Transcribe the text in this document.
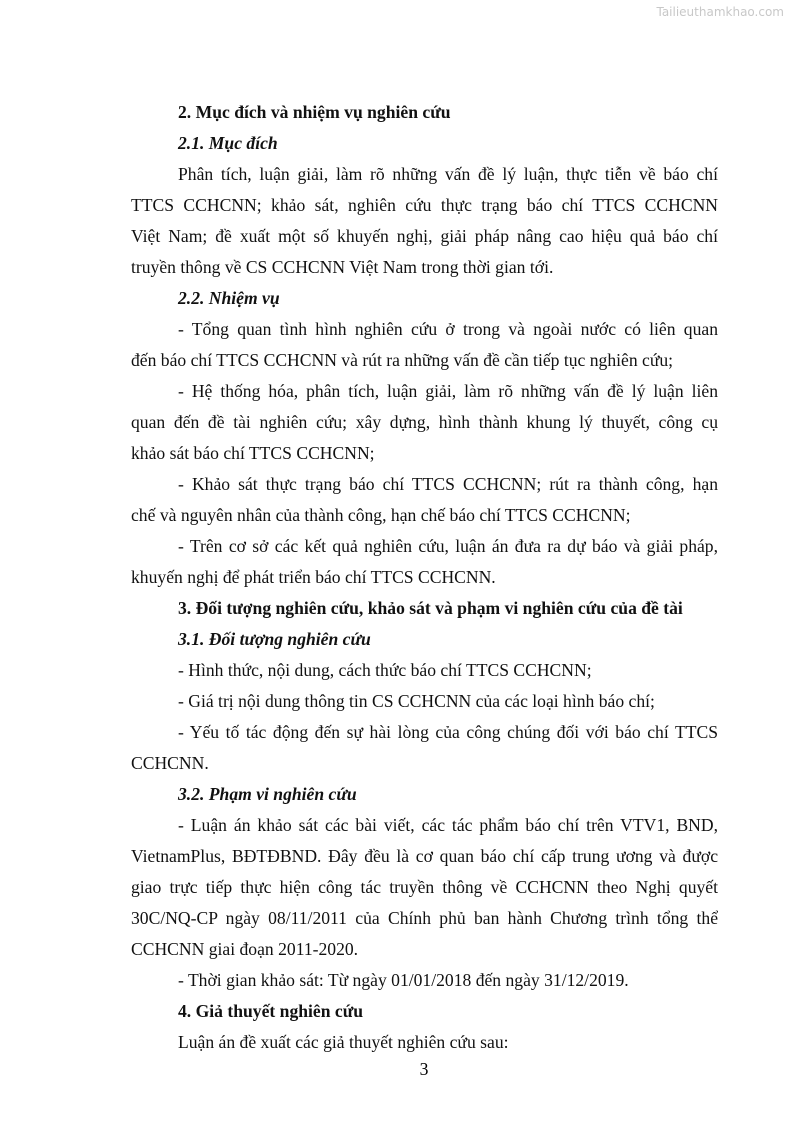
Tailieuthamkhao.com
2. Mục đích và nhiệm vụ nghiên cứu
2.1. Mục đích
Phân tích, luận giải, làm rõ những vấn đề lý luận, thực tiễn về báo chí
TTCS CCHCNN; khảo sát, nghiên cứu thực trạng báo chí TTCS CCHCNN
Việt Nam; đề xuất một số khuyến nghị, giải pháp nâng cao hiệu quả báo chí
truyền thông về CS CCHCNN Việt Nam trong thời gian tới.
2.2. Nhiệm vụ
- Tổng quan tình hình nghiên cứu ở trong và ngoài nước có liên quan
đến báo chí TTCS CCHCNN và rút ra những vấn đề cần tiếp tục nghiên cứu;
- Hệ thống hóa, phân tích, luận giải, làm rõ những vấn đề lý luận liên
quan đến đề tài nghiên cứu; xây dựng, hình thành khung lý thuyết, công cụ
khảo sát báo chí TTCS CCHCNN;
- Khảo sát thực trạng báo chí TTCS CCHCNN; rút ra thành công, hạn
chế và nguyên nhân của thành công, hạn chế báo chí TTCS CCHCNN;
- Trên cơ sở các kết quả nghiên cứu, luận án đưa ra dự báo và giải pháp,
khuyến nghị để phát triển báo chí TTCS CCHCNN.
3. Đối tượng nghiên cứu, khảo sát và phạm vi nghiên cứu của đề tài
3.1. Đối tượng nghiên cứu
- Hình thức, nội dung, cách thức báo chí TTCS CCHCNN;
- Giá trị nội dung thông tin CS CCHCNN của các loại hình báo chí;
- Yếu tố tác động đến sự hài lòng của công chúng đối với báo chí TTCS
CCHCNN.
3.2. Phạm vi nghiên cứu
- Luận án khảo sát các bài viết, các tác phẩm báo chí trên VTV1, BND,
VietnamPlus, BĐTĐBND. Đây đều là cơ quan báo chí cấp trung ương và được
giao trực tiếp thực hiện công tác truyền thông về CCHCNN theo Nghị quyết
30C/NQ-CP ngày 08/11/2011 của Chính phủ ban hành Chương trình tổng thể
CCHCNN giai đoạn 2011-2020.
- Thời gian khảo sát: Từ ngày 01/01/2018 đến ngày 31/12/2019.
4. Giả thuyết nghiên cứu
Luận án đề xuất các giả thuyết nghiên cứu sau:
3
